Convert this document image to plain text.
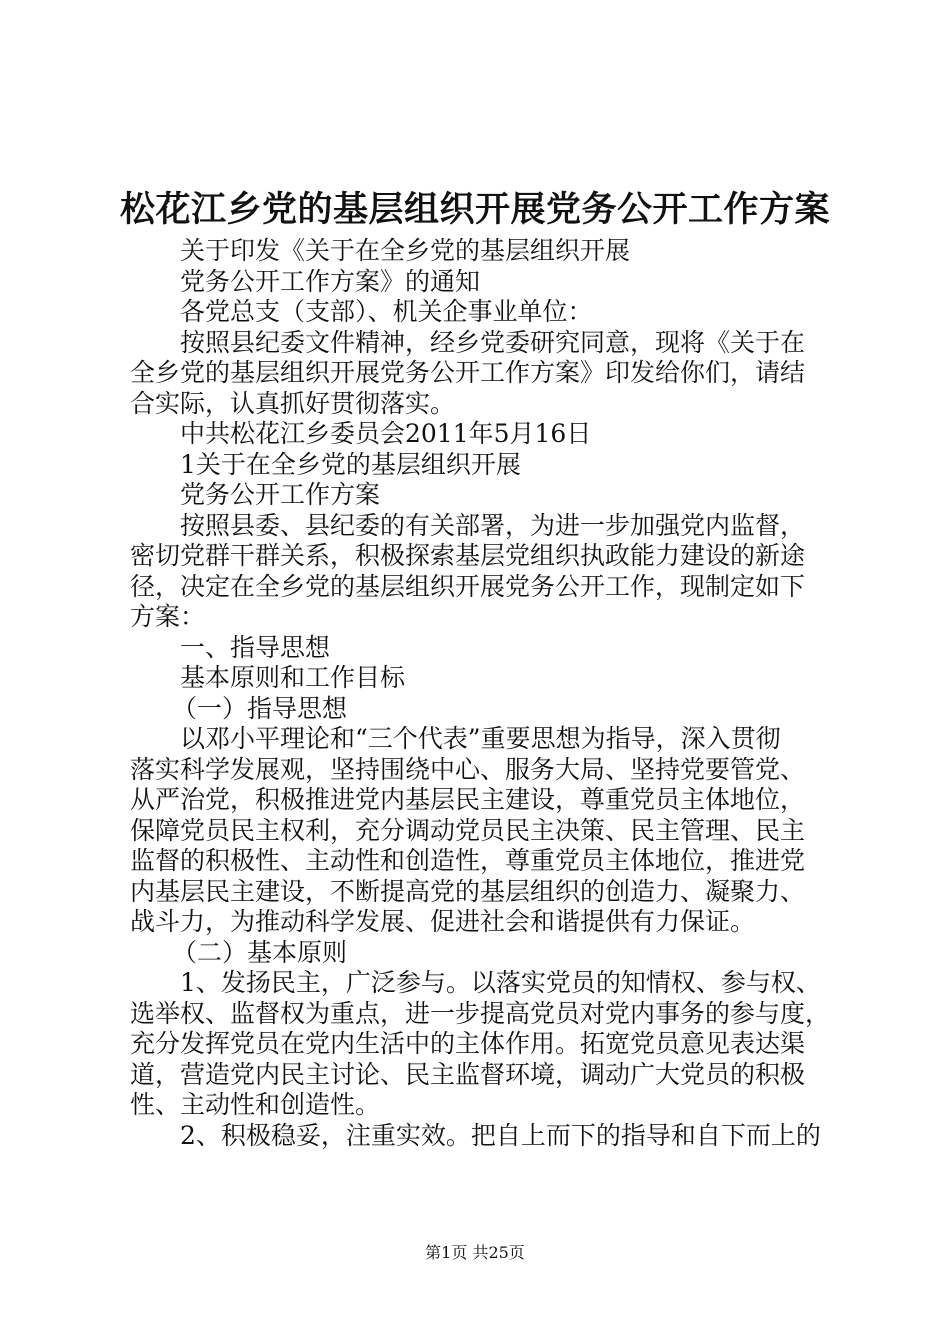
松花江乡党的基层组织开展党务公开工作方案
关于印发《关于在全乡党的基层组织开展
党务公开工作方案》的通知
各党总支（支部）、机关企事业单位：
按照县纪委文件精神，经乡党委研究同意，现将《关于在
全乡党的基层组织开展党务公开工作方案》印发给你们，请结
合实际，认真抓好贯彻落实。
中共松花江乡委员会2011年5月16日
1关于在全乡党的基层组织开展
党务公开工作方案
按照县委、县纪委的有关部署，为进一步加强党内监督，
密切党群干群关系，积极探索基层党组织执政能力建设的新途
径，决定在全乡党的基层组织开展党务公开工作，现制定如下
方案：
一、指导思想
基本原则和工作目标
（一）指导思想
以邓小平理论和“三个代表”重要思想为指导，深入贯彻
落实科学发展观，坚持围绕中心、服务大局、坚持党要管党、
从严治党，积极推进党内基层民主建设，尊重党员主体地位，
保障党员民主权利，充分调动党员民主决策、民主管理、民主
监督的积极性、主动性和创造性，尊重党员主体地位，推进党
内基层民主建设，不断提高党的基层组织的创造力、凝聚力、
战斗力，为推动科学发展、促进社会和谐提供有力保证。
（二）基本原则
1、发扬民主，广泛参与。以落实党员的知情权、参与权、
选举权、监督权为重点，进一步提高党员对党内事务的参与度，
充分发挥党员在党内生活中的主体作用。拓宽党员意见表达渠
道，营造党内民主讨论、民主监督环境，调动广大党员的积极
性、主动性和创造性。
2、积极稳妥，注重实效。把自上而下的指导和自下而上的
第1页 共25页
